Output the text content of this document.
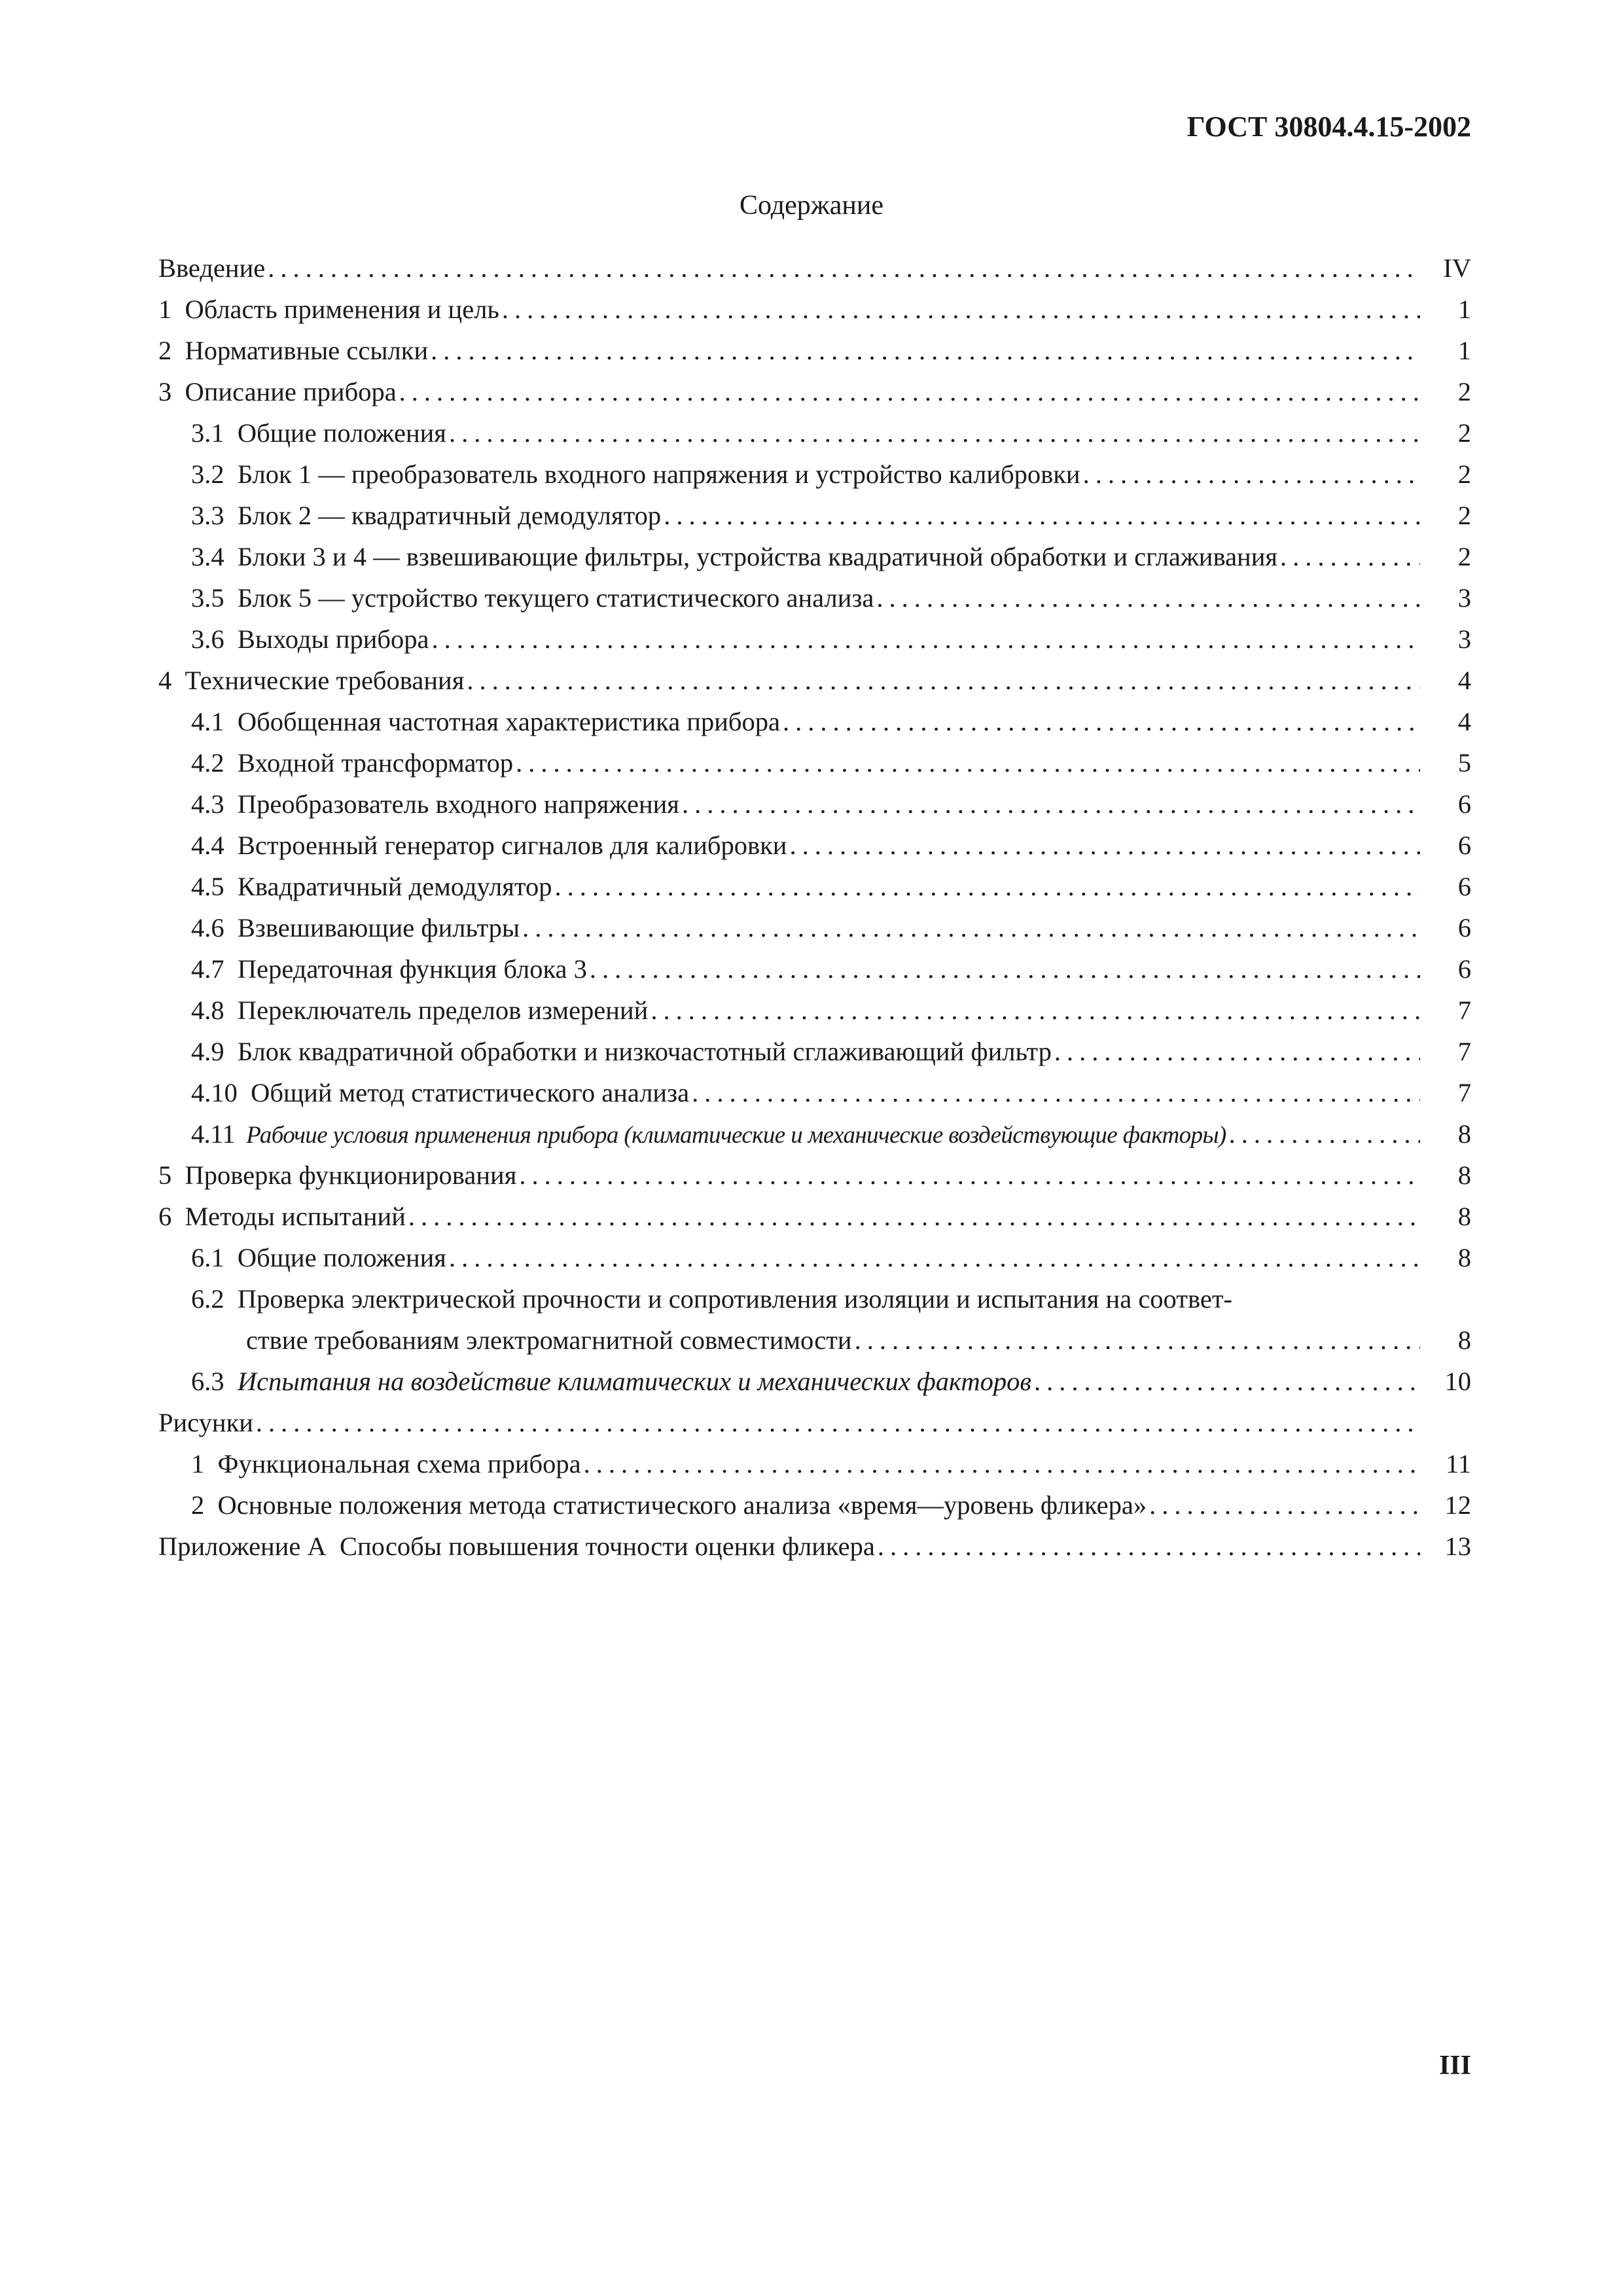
ГОСТ 30804.4.15-2002
Содержание
Введение .....	IV
1 Область применения и цель .....	1
2 Нормативные ссылки .....	1
3 Описание прибора .....	2
3.1 Общие положения .....	2
3.2 Блок 1 — преобразователь входного напряжения и устройство калибровки .....	2
3.3 Блок 2 — квадратичный демодулятор .....	2
3.4 Блоки 3 и 4 — взвешивающие фильтры, устройства квадратичной обработки и сглаживания .....	2
3.5 Блок 5 — устройство текущего статистического анализа .....	3
3.6 Выходы прибора .....	3
4 Технические требования .....	4
4.1 Обобщенная частотная характеристика прибора .....	4
4.2 Входной трансформатор .....	5
4.3 Преобразователь входного напряжения .....	6
4.4 Встроенный генератор сигналов для калибровки .....	6
4.5 Квадратичный демодулятор .....	6
4.6 Взвешивающие фильтры .....	6
4.7 Передаточная функция блока 3 .....	6
4.8 Переключатель пределов измерений .....	7
4.9 Блок квадратичной обработки и низкочастотный сглаживающий фильтр .....	7
4.10 Общий метод статистического анализа .....	7
4.11 Рабочие условия применения прибора (климатические и механические воздействующие факторы) .....	8
5 Проверка функционирования .....	8
6 Методы испытаний .....	8
6.1 Общие положения .....	8
6.2 Проверка электрической прочности и сопротивления изоляции и испытания на соответ-
ствие требованиям электромагнитной совместимости .....	8
6.3 Испытания на воздействие климатических и механических факторов .....	10
Рисунки
.....
1 Функциональная схема прибора .....	11
2 Основные положения метода статистического анализа «время—уровень фликера» .....	12
Приложение А  Способы повышения точности оценки фликера .....	13
III
